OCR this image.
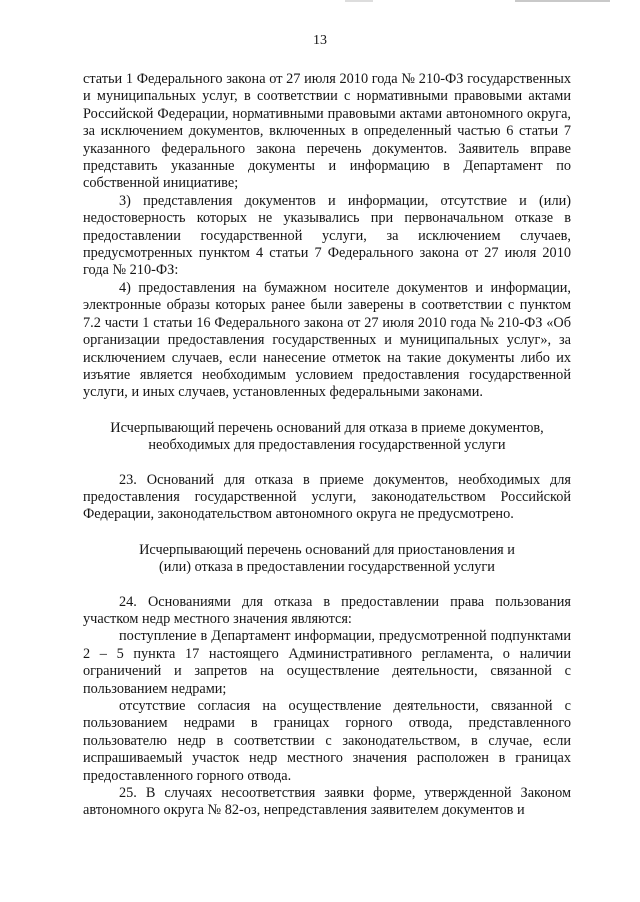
13

статьи 1 Федерального закона от 27 июля 2010 года № 210-ФЗ государственных и муниципальных услуг, в соответствии с нормативными правовыми актами Российской Федерации, нормативными правовыми актами автономного округа, за исключением документов, включенных в определенный частью 6 статьи 7 указанного федерального закона перечень документов. Заявитель вправе представить указанные документы и информацию в Департамент по собственной инициативе;

3) представления документов и информации, отсутствие и (или) недостоверность которых не указывались при первоначальном отказе в предоставлении государственной услуги, за исключением случаев, предусмотренных пунктом 4 статьи 7 Федерального закона от 27 июля 2010 года № 210-ФЗ:

4) предоставления на бумажном носителе документов и информации, электронные образы которых ранее были заверены в соответствии с пунктом 7.2 части 1 статьи 16 Федерального закона от 27 июля 2010 года № 210-ФЗ «Об организации предоставления государственных и муниципальных услуг», за исключением случаев, если нанесение отметок на такие документы либо их изъятие является необходимым условием предоставления государственной услуги, и иных случаев, установленных федеральными законами.

Исчерпывающий перечень оснований для отказа в приеме документов,
необходимых для предоставления государственной услуги

23. Оснований для отказа в приеме документов, необходимых для предоставления государственной услуги, законодательством Российской Федерации, законодательством автономного округа не предусмотрено.

Исчерпывающий перечень оснований для приостановления и
(или) отказа в предоставлении государственной услуги

24. Основаниями для отказа в предоставлении права пользования участком недр местного значения являются:

поступление в Департамент информации, предусмотренной подпунктами 2 – 5 пункта 17 настоящего Административного регламента, о наличии ограничений и запретов на осуществление деятельности, связанной с пользованием недрами;

отсутствие согласия на осуществление деятельности, связанной с пользованием недрами в границах горного отвода, представленного пользователю недр в соответствии с законодательством, в случае, если испрашиваемый участок недр местного значения расположен в границах предоставленного горного отвода.

25. В случаях несоответствия заявки форме, утвержденной Законом автономного округа № 82-оз, непредставления заявителем документов и
